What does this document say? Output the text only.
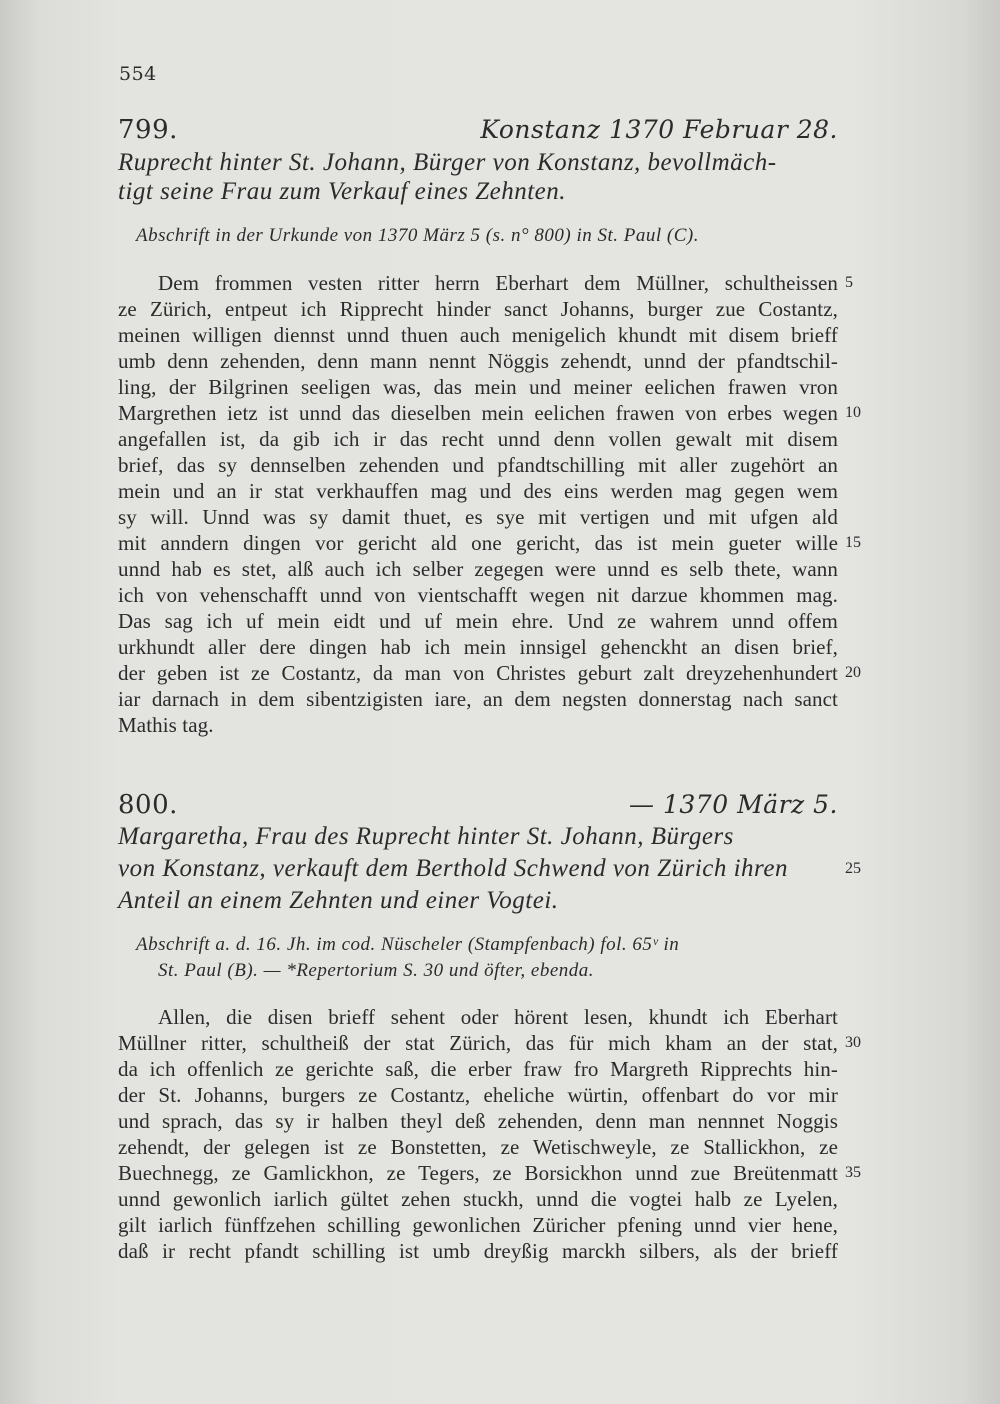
554
799.	Konstanz 1370 Februar 28.
Ruprecht hinter St. Johann, Bürger von Konstanz, bevollmäch-
tigt seine Frau zum Verkauf eines Zehnten.
Abschrift in der Urkunde von 1370 März 5 (s. n° 800) in St. Paul (C).
Dem frommen vesten ritter herrn Eberhart dem Müllner, schultheissen
ze Zürich, entpeut ich Ripprecht hinder sanct Johanns, burger zue Costantz,
meinen willigen diennst unnd thuen auch menigelich khundt mit disem brieff
umb denn zehenden, denn mann nennt Nöggis zehendt, unnd der pfandtschil-
ling, der Bilgrinen seeligen was, das mein und meiner eelichen frawen vron
Margrethen ietz ist unnd das dieselben mein eelichen frawen von erbes wegen
angefallen ist, da gib ich ir das recht unnd denn vollen gewalt mit disem
brief, das sy dennselben zehenden und pfandtschilling mit aller zugehört an
mein und an ir stat verkhauffen mag und des eins werden mag gegen wem
sy will. Unnd was sy damit thuet, es sye mit vertigen und mit ufgen ald
mit anndern dingen vor gericht ald one gericht, das ist mein gueter wille
unnd hab es stet, alß auch ich selber zegegen were unnd es selb thete, wann
ich von vehenschafft unnd von vientschafft wegen nit darzue khommen mag.
Das sag ich uf mein eidt und uf mein ehre. Und ze wahrem unnd offem
urkhundt aller dere dingen hab ich mein innsigel gehenckht an disen brief,
der geben ist ze Costantz, da man von Christes geburt zalt dreyzehenhundert
iar darnach in dem sibentzigisten iare, an dem negsten donnerstag nach sanct
Mathis tag.
5
10
15
20
800.	— 1370 März 5.
Margaretha, Frau des Ruprecht hinter St. Johann, Bürgers
von Konstanz, verkauft dem Berthold Schwend von Zürich ihren
Anteil an einem Zehnten und einer Vogtei.
Abschrift a. d. 16. Jh. im cod. Nüscheler (Stampfenbach) fol. 65ᵛ in
St. Paul (B). — *Repertorium S. 30 und öfter, ebenda.
Allen, die disen brieff sehent oder hörent lesen, khundt ich Eberhart
Müllner ritter, schultheiß der stat Zürich, das für mich kham an der stat,
da ich offenlich ze gerichte saß, die erber fraw fro Margreth Ripprechts hin-
der St. Johanns, burgers ze Costantz, eheliche würtin, offenbart do vor mir
und sprach, das sy ir halben theyl deß zehenden, denn man nennnet Noggis
zehendt, der gelegen ist ze Bonstetten, ze Wetischweyle, ze Stallickhon, ze
Buechnegg, ze Gamlickhon, ze Tegers, ze Borsickhon unnd zue Breütenmatt
unnd gewonlich iarlich gültet zehen stuckh, unnd die vogtei halb ze Lyelen,
gilt iarlich fünffzehen schilling gewonlichen Züricher pfening unnd vier hene,
daß ir recht pfandt schilling ist umb dreyßig marckh silbers, als der brieff
25
30
35
